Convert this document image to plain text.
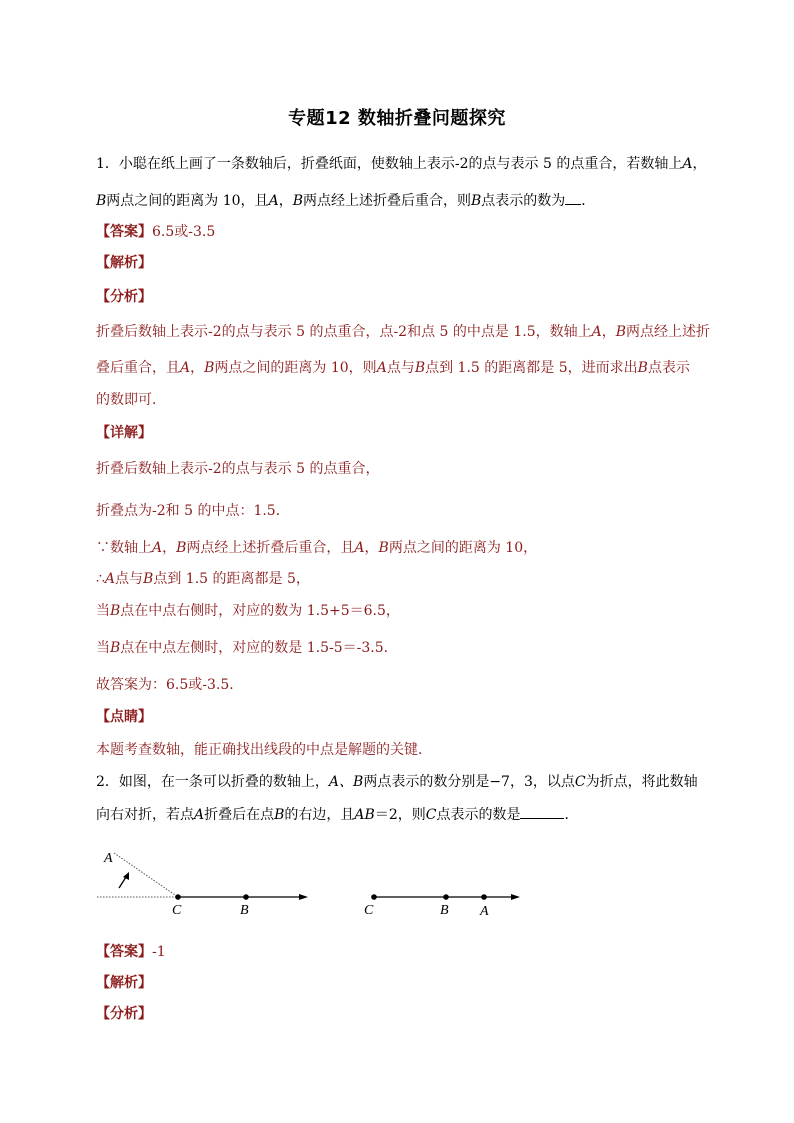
专题12 数轴折叠问题探究
1．小聪在纸上画了一条数轴后，折叠纸面，使数轴上表示-2的点与表示 5 的点重合，若数轴上A，
B两点之间的距离为 10，且A，B两点经上述折叠后重合，则B点表示的数为 ．
【答案】6.5或-3.5
【解析】
【分析】
折叠后数轴上表示-2的点与表示 5 的点重合，点-2和点 5 的中点是 1.5，数轴上A，B两点经上述折
叠后重合，且A，B两点之间的距离为 10，则A点与B点到 1.5 的距离都是 5，进而求出B点表示
的数即可．
【详解】
折叠后数轴上表示-2的点与表示 5 的点重合，
折叠点为-2和 5 的中点：1.5．
∵数轴上A，B两点经上述折叠后重合，且A，B两点之间的距离为 10，
∴A点与B点到 1.5 的距离都是 5，
当B点在中点右侧时，对应的数为 1.5+5＝6.5，
当B点在中点左侧时，对应的数是 1.5-5＝-3.5．
故答案为：6.5或-3.5．
【点睛】
本题考查数轴，能正确找出线段的中点是解题的关键．
2．如图，在一条可以折叠的数轴上，A、B两点表示的数分别是−7，3，以点C为折点，将此数轴
向右对折，若点A折叠后在点B的右边，且AB＝2，则C点表示的数是	．
A
C	B	C	B A
【答案】-1
【解析】
【分析】
